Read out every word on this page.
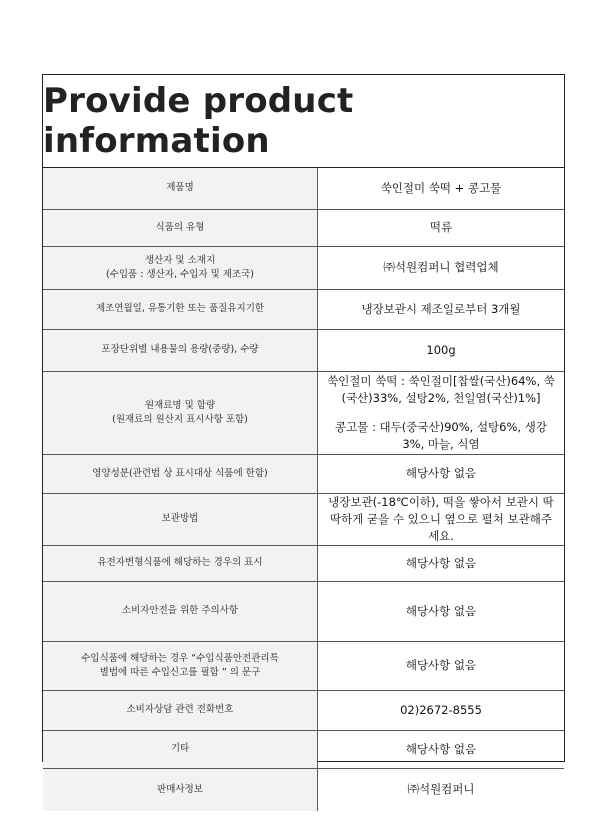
Provide product information
제품명	쑥인절미 쑥떡 + 콩고물
식품의 유형	떡류
생산자 및 소재지
(수입품 : 생산자, 수입자 및 제조국)	㈜석원컴퍼니 협력업체
제조연월일, 유통기한 또는 품질유지기한	냉장보관시 제조일로부터 3개월
포장단위별 내용물의 용량(중량), 수량	100g
원재료명 및 함량
(원재료의 원산지 표시사항 포함)	쑥인절미 쑥떡 : 쑥인절미[찹쌀(국산)64%, 쑥(국산)33%, 설탕2%, 천일염(국산)1%]
콩고물 : 대두(중국산)90%, 설탕6%, 생강3%, 마늘, 식염
영양성분(관련법 상 표시대상 식품에 한함)	해당사항 없음
보관방법	냉장보관(-18℃이하), 떡을 쌓아서 보관시 딱딱하게 굳을 수 있으니 옆으로 펼쳐 보관해주세요.
유전자변형식품에 해당하는 경우의 표시	해당사항 없음
소비자안전을 위한 주의사항	해당사항 없음
수입식품에 해당하는 경우 “수입식품안전관리특
별법에 따른 수입신고를 필함 ” 의 문구	해당사항 없음
소비자상담 관련 전화번호	02)2672-8555
기타	해당사항 없음
판매사정보	㈜석원컴퍼니
